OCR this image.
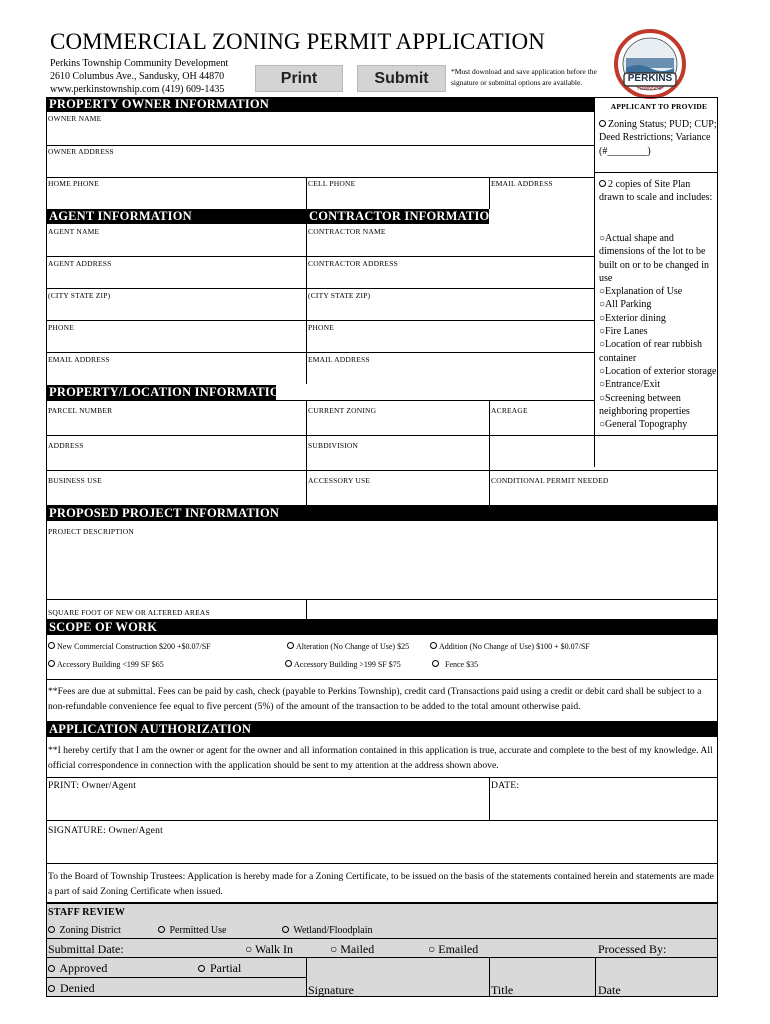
COMMERCIAL ZONING PERMIT APPLICATION
Perkins Township Community Development
2610 Columbus Ave., Sandusky, OH 44870
www.perkinstownship.com (419) 609-1435
Print	Submit	*Must download and save application before the signature or submittal options are available.	PERKINS
TOWNSHIP
PROPERTY OWNER INFORMATION	APPLICANT TO PROVIDE
OWNER NAME
OWNER ADDRESS
HOME PHONE	CELL PHONE	EMAIL ADDRESS
AGENT INFORMATION	CONTRACTOR INFORMATION
AGENT NAME	CONTRACTOR NAME
AGENT ADDRESS	CONTRACTOR ADDRESS
(CITY STATE ZIP)	(CITY STATE ZIP)
PHONE	PHONE
EMAIL ADDRESS	EMAIL ADDRESS
PROPERTY/LOCATION INFORMATION
PARCEL NUMBER	CURRENT ZONING	ACREAGE
ADDRESS	SUBDIVISION
BUSINESS USE	ACCESSORY USE	CONDITIONAL PERMIT NEEDED
Zoning Status; PUD; CUP; Deed Restrictions; Variance (#________)
2 copies of Site Plan drawn to scale and includes:
○Actual shape and dimensions of the lot to be built on or to be changed in use
○Explanation of Use
○All Parking
○Exterior dining
○Fire Lanes
○Location of rear rubbish container
○Location of exterior storage
○Entrance/Exit
○Screening between neighboring properties
○General Topography
PROPOSED PROJECT INFORMATION
PROJECT DESCRIPTION
SQUARE FOOT OF NEW OR ALTERED AREAS
SCOPE OF WORK
New Commercial Construction $200 +$0.07/SF	Alteration (No Change of Use) $25	Addition (No Change of Use) $100 + $0.07/SF
Accessory Building <199 SF $65	Accessory Building >199 SF $75	Fence $35
**Fees are due at submittal. Fees can be paid by cash, check (payable to Perkins Township), credit card (Transactions paid using a credit or debit card shall be subject to a non-refundable convenience fee equal to five percent (5%) of the amount of the transaction to be added to the total amount otherwise paid.
APPLICATION AUTHORIZATION
**I hereby certify that I am the owner or agent for the owner and all information contained in this application is true, accurate and complete to the best of my knowledge. All official correspondence in connection with the application should be sent to my attention at the address shown above.
PRINT: Owner/Agent	DATE:
SIGNATURE: Owner/Agent
To the Board of Township Trustees: Application is hereby made for a Zoning Certificate, to be issued on the basis of the statements contained herein and statements are made a part of said Zoning Certificate when issued.
STAFF REVIEW
Zoning District	Permitted Use	Wetland/Floodplain
Submittal Date:	○ Walk In	○ Mailed	○ Emailed	Processed By:
Approved	Partial
Denied	Signature	Title	Date
